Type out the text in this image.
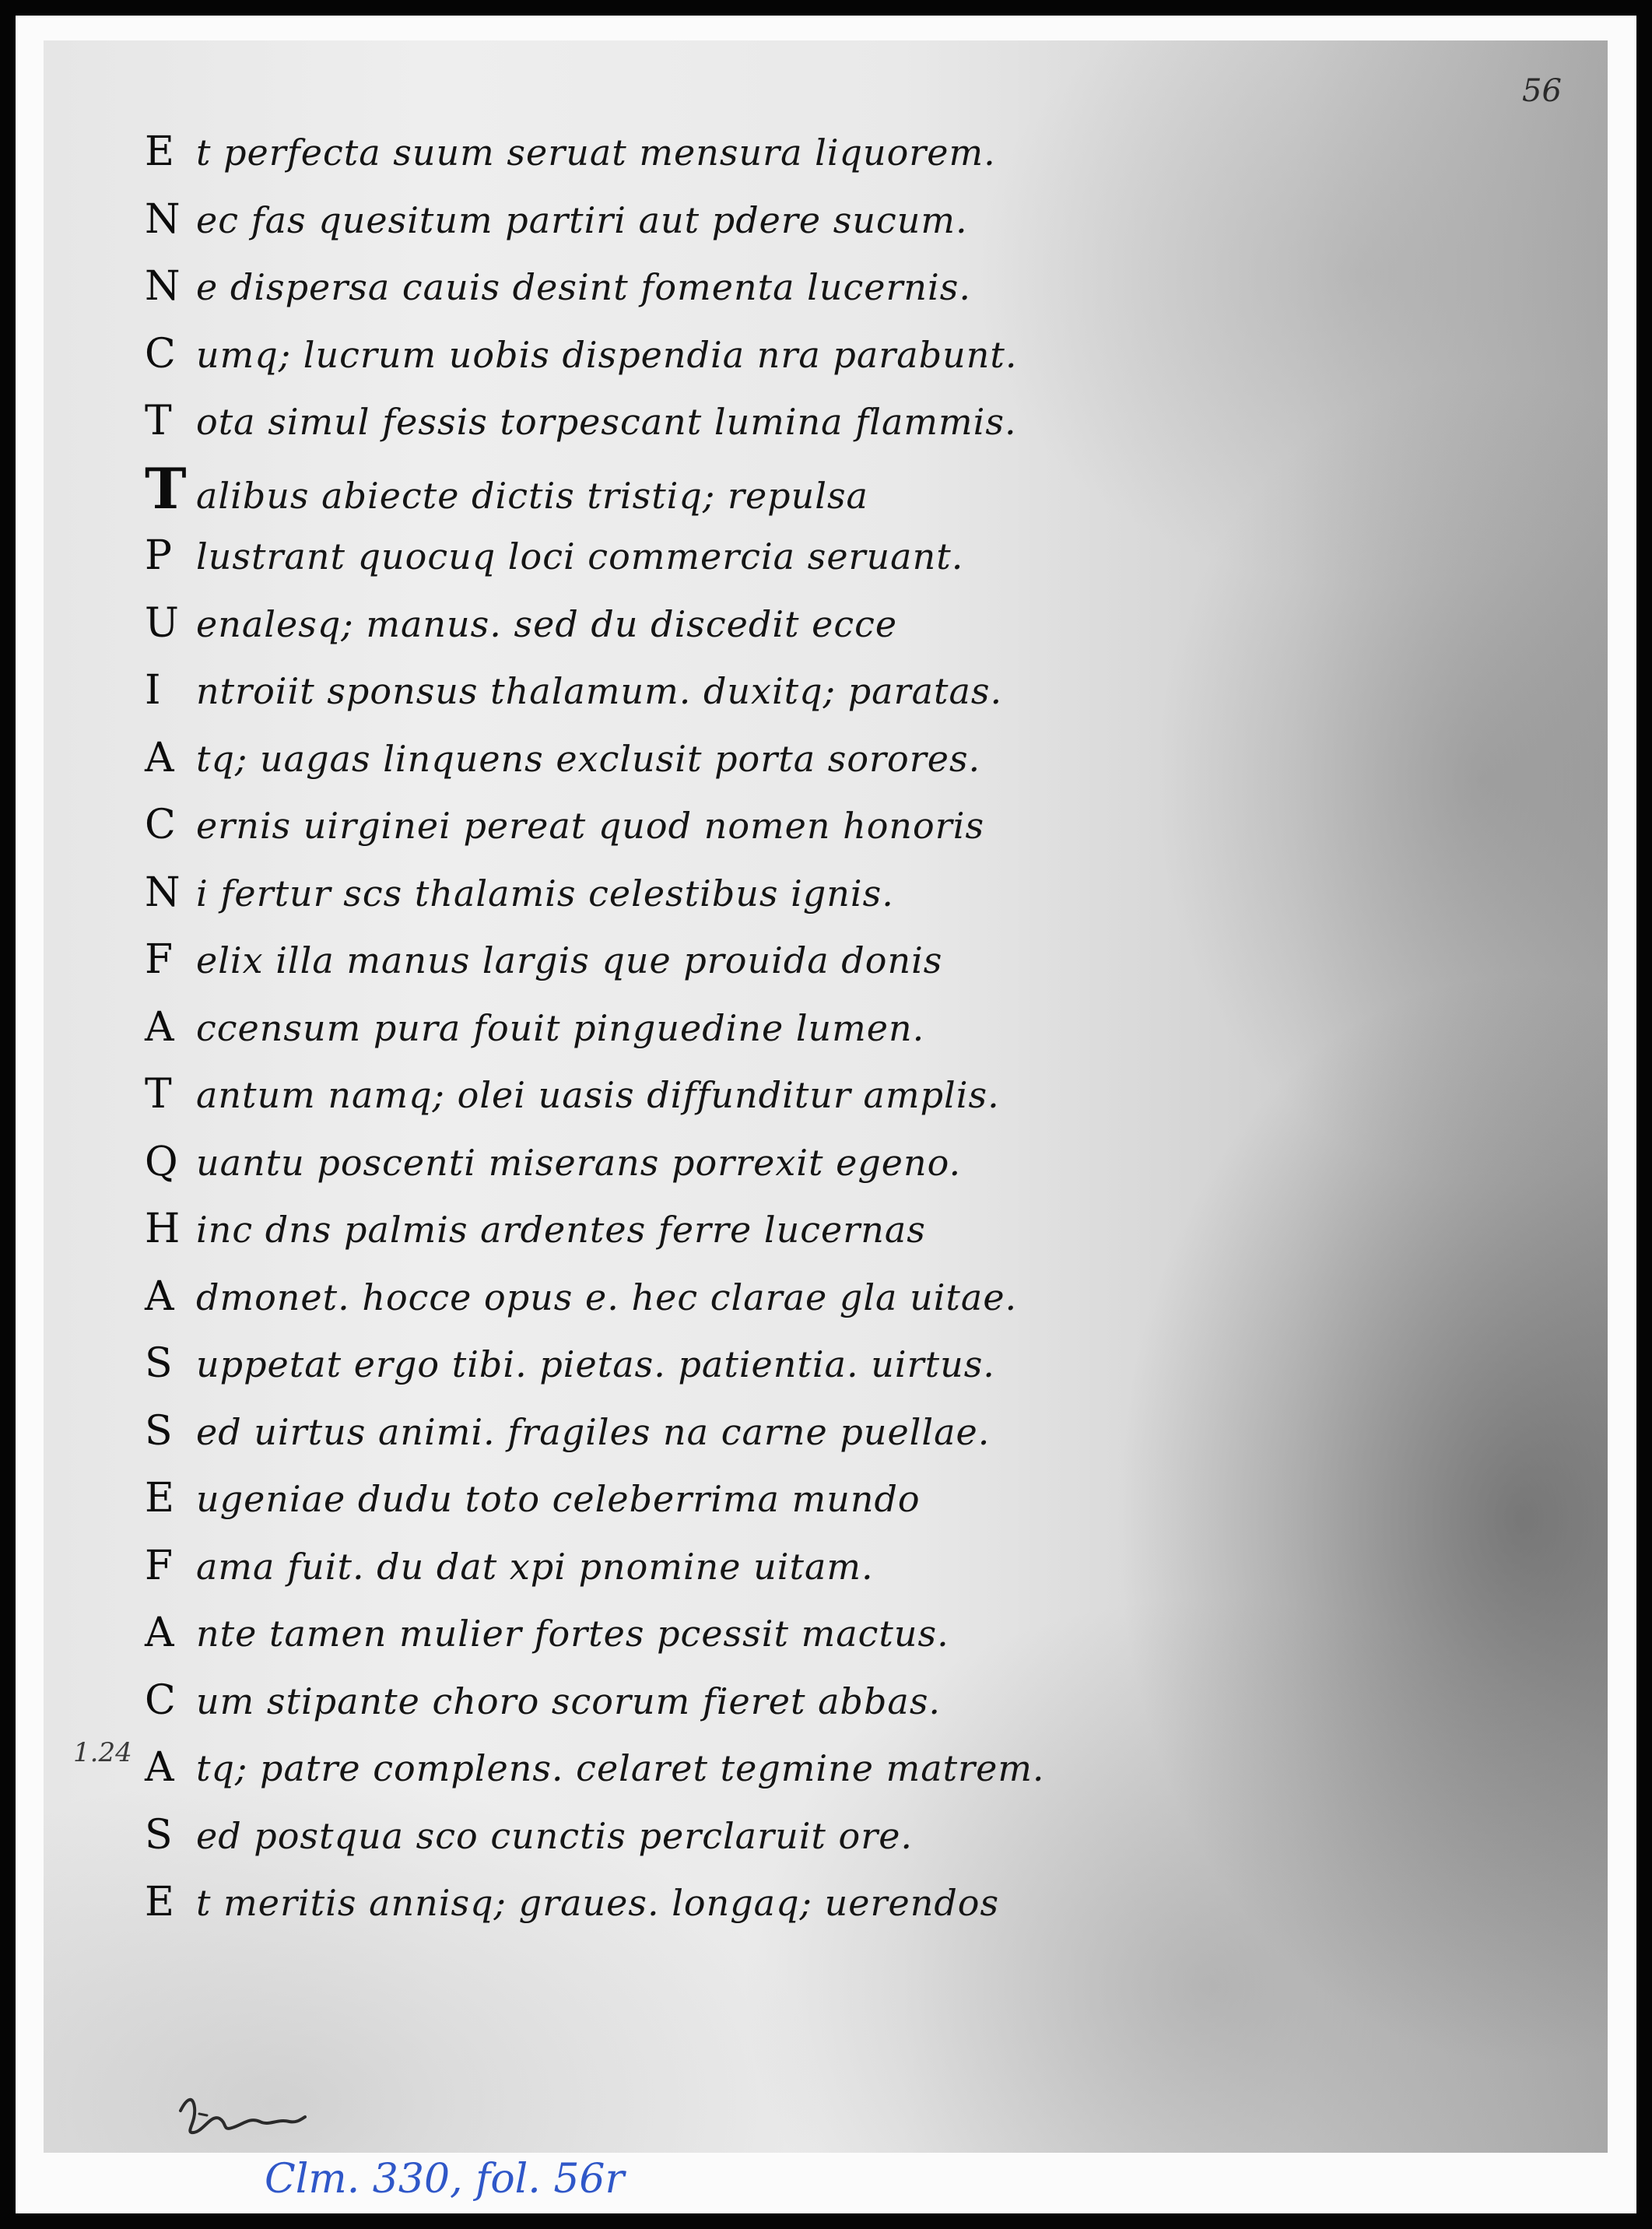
56
E t perfecta suum seruat mensura liquorem.
N ec fas quesitum partiri aut pdere sucum.
N e dispersa cauis desint fomenta lucernis.
C umq; lucrum uobis dispendia nra parabunt.
T ota simul fessis torpescant lumina flammis.
Talibus abiecte dictis tristiq; repulsa
P lustrant quocuq loci commercia seruant.
U enalesq; manus. sed du discedit ecce
I ntroiit sponsus thalamum. duxitq; paratas.
A tq; uagas linquens exclusit porta sorores.
C ernis uirginei pereat quod nomen honoris
N i fertur scs thalamis celestibus ignis.
F elix illa manus largis que prouida donis
A ccensum pura fouit pinguedine lumen.
T antum namq; olei uasis diffunditur amplis.
Q uantu poscenti miserans porrexit egeno.
H inc dns palmis ardentes ferre lucernas
A dmonet. hocce opus e. hec clarae gla uitae.
S uppetat ergo tibi. pietas. patientia. uirtus.
S ed uirtus animi. fragiles na carne puellae.
E ugeniae dudu toto celeberrima mundo
F ama fuit. du dat xpi pnomine uitam.
A nte tamen mulier fortes pcessit mactus.
C um stipante choro scorum fieret abbas.
A tq; patre complens. celaret tegmine matrem.
S ed postqua sco cunctis perclaruit ore.
E t meritis annisq; graues. longaq; uerendos
1.24
Clm. 330, fol. 56r
